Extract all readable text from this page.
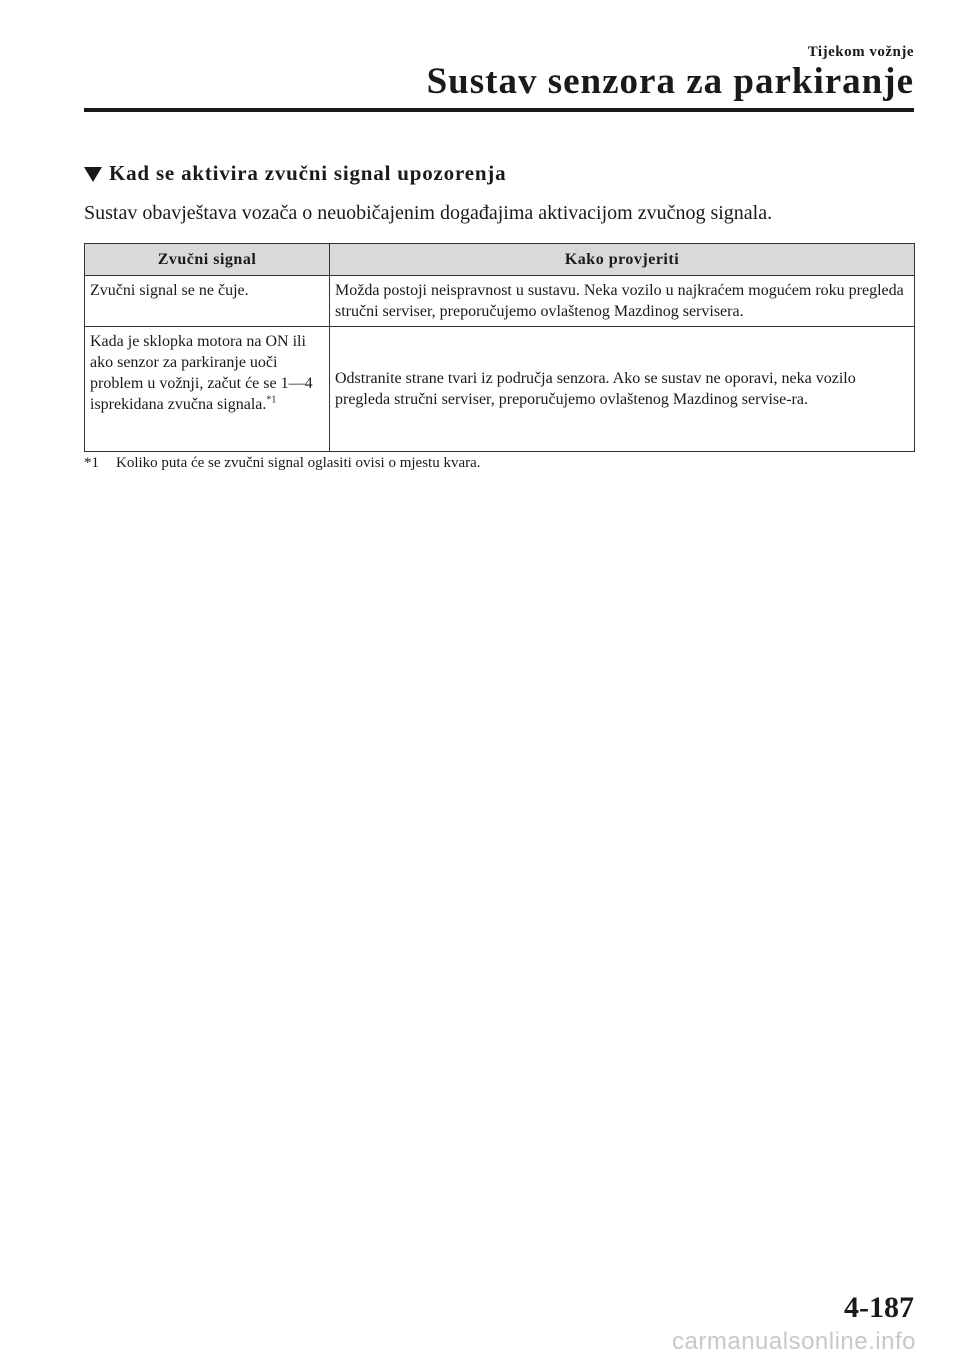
Tijekom vožnje
Sustav senzora za parkiranje
Kad se aktivira zvučni signal upozorenja
Sustav obavještava vozača o neuobičajenim događajima aktivacijom zvučnog signala.
Zvučni signal	Kako provjeriti
Zvučni signal se ne čuje.	Možda postoji neispravnost u sustavu. Neka vozilo u najkraćem mogućem roku pregleda stručni serviser, preporučujemo ovlaštenog Mazdinog servisera.
Kada je sklopka motora na ON ili ako senzor za parkiranje uoči problem u vožnji, začut će se 1―4 isprekidana zvučna signala.$^{*1}$	Odstranite strane tvari iz područja senzora. Ako se sustav ne oporavi, neka vozilo pregleda stručni serviser, preporučujemo ovlaštenog Mazdinog servise-ra.
*1 Koliko puta će se zvučni signal oglasiti ovisi o mjestu kvara.
4-187
carmanualsonline.info
